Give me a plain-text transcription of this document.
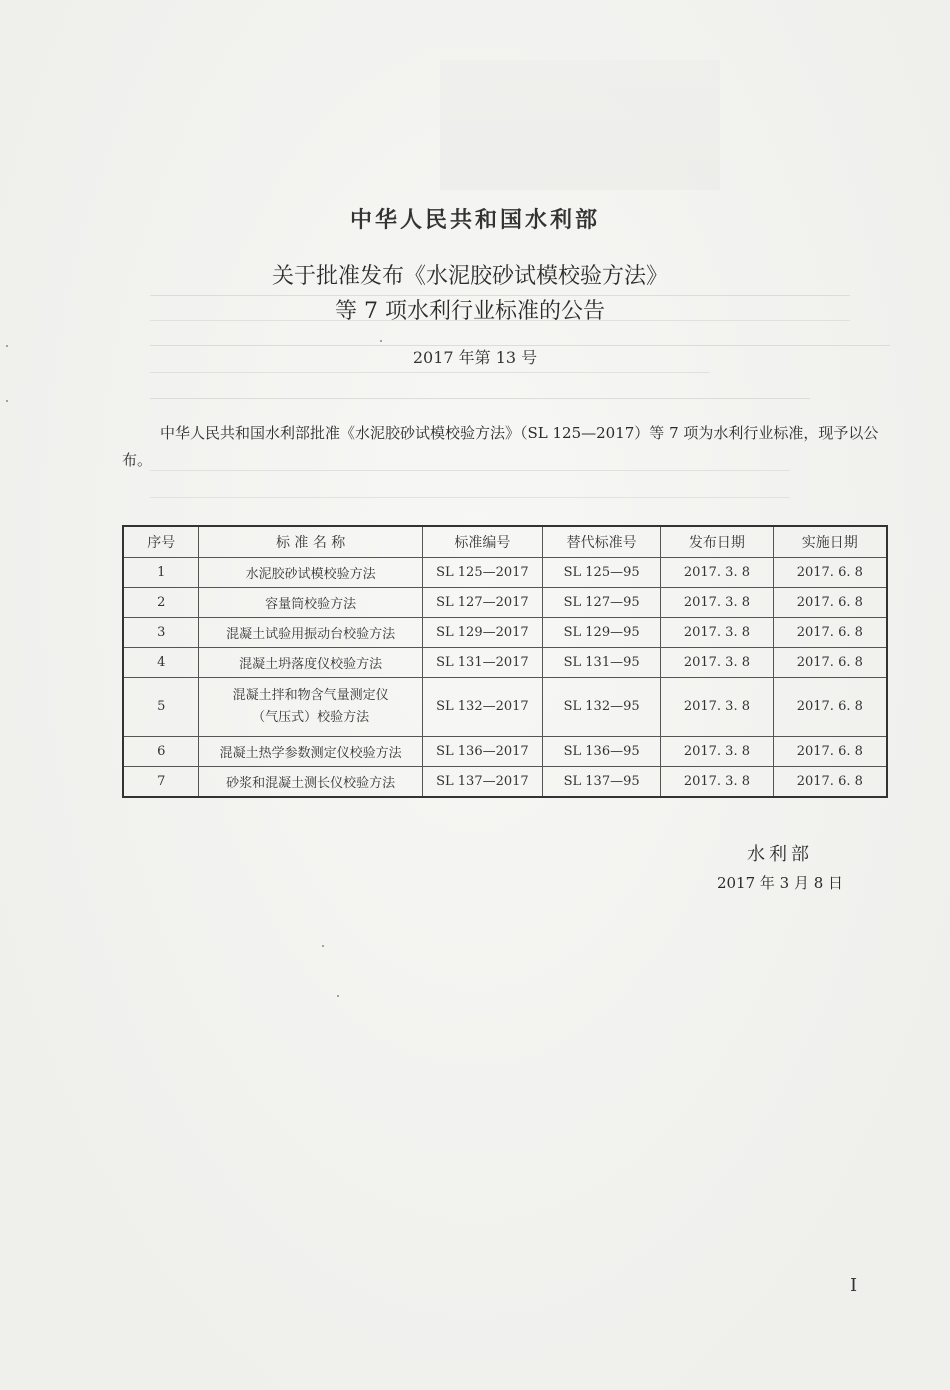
中华人民共和国水利部
关于批准发布《水泥胶砂试模校验方法》
等 7 项水利行业标准的公告
2017 年第 13 号
中华人民共和国水利部批准《水泥胶砂试模校验方法》（SL 125—2017）等 7 项为水利行业标准，现予以公布。
序号	标 准 名 称	标准编号	替代标准号	发布日期	实施日期
1	水泥胶砂试模校验方法	SL 125—2017	SL 125—95	2017. 3. 8	2017. 6. 8
2	容量筒校验方法	SL 127—2017	SL 127—95	2017. 3. 8	2017. 6. 8
3	混凝土试验用振动台校验方法	SL 129—2017	SL 129—95	2017. 3. 8	2017. 6. 8
4	混凝土坍落度仪校验方法	SL 131—2017	SL 131—95	2017. 3. 8	2017. 6. 8
5	混凝土拌和物含气量测定仪
（气压式）校验方法	SL 132—2017	SL 132—95	2017. 3. 8	2017. 6. 8
6	混凝土热学参数测定仪校验方法	SL 136—2017	SL 136—95	2017. 3. 8	2017. 6. 8
7	砂浆和混凝土测长仪校验方法	SL 137—2017	SL 137—95	2017. 3. 8	2017. 6. 8
水利部
2017 年 3 月 8 日
I
